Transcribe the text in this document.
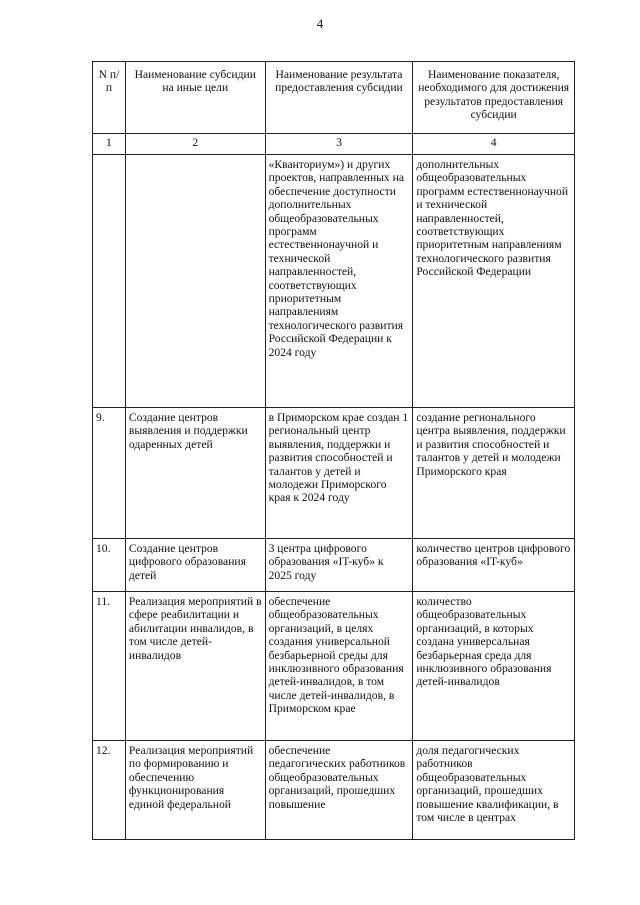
4
N п/п	Наименование субсидии на иные цели	Наименование результата предоставления субсидии	Наименование показателя, необходимого для достижения результатов предоставления субсидии
1	2	3	4
		«Кванториум») и других проектов, направленных на обеспечение доступности дополнительных общеобразовательных программ естественнонаучной и технической направленностей, соответствующих приоритетным направлениям технологического развития Российской Федерации к 2024 году	дополнительных общеобразовательных программ естественнонаучной и технической направленностей, соответствующих приоритетным направлениям технологического развития Российской Федерации
9.	Создание центров выявления и поддержки одаренных детей	в Приморском крае создан 1 региональный центр выявления, поддержки и развития способностей и талантов у детей и молодежи Приморского края к 2024 году	создание регионального центра выявления, поддержки и развития способностей и талантов у детей и молодежи Приморского края
10.	Создание центров цифрового образования детей	3 центра цифрового образования «IT-куб» к 2025 году	количество центров цифрового образования «IT-куб»
11.	Реализация мероприятий в сфере реабилитации и абилитации инвалидов, в том числе детей-инвалидов	обеспечение общеобразовательных организаций, в целях создания универсальной безбарьерной среды для инклюзивного образования детей-инвалидов, в том числе детей-инвалидов, в Приморском крае	количество общеобразовательных организаций, в которых создана универсальная безбарьерная среда для инклюзивного образования детей-инвалидов
12.	Реализация мероприятий по формированию и обеспечению функционирования единой федеральной	обеспечение педагогических работников общеобразовательных организаций, прошедших повышение	доля педагогических работников общеобразовательных организаций, прошедших повышение квалификации, в том числе в центрах
